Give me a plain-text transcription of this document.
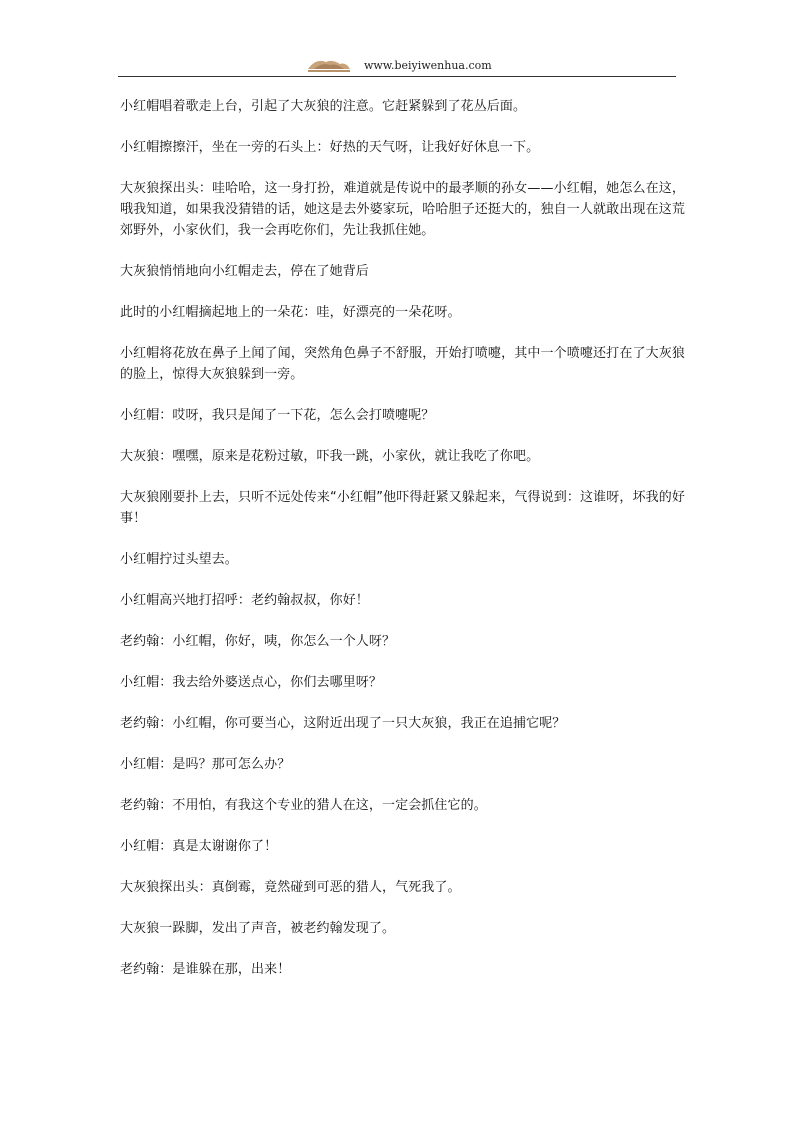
www.beiyiwenhua.com

小红帽唱着歌走上台，引起了大灰狼的注意。它赶紧躲到了花丛后面。

小红帽擦擦汗，坐在一旁的石头上：好热的天气呀，让我好好休息一下。

大灰狼探出头：哇哈哈，这一身打扮，难道就是传说中的最孝顺的孙女——小红帽，她怎么在这，哦我知道，如果我没猜错的话，她这是去外婆家玩，哈哈胆子还挺大的，独自一人就敢出现在这荒郊野外，小家伙们，我一会再吃你们，先让我抓住她。

大灰狼悄悄地向小红帽走去，停在了她背后

此时的小红帽摘起地上的一朵花：哇，好漂亮的一朵花呀。

小红帽将花放在鼻子上闻了闻，突然角色鼻子不舒服，开始打喷嚏，其中一个喷嚏还打在了大灰狼的脸上，惊得大灰狼躲到一旁。

小红帽：哎呀，我只是闻了一下花，怎么会打喷嚏呢？

大灰狼：嘿嘿，原来是花粉过敏，吓我一跳，小家伙，就让我吃了你吧。

大灰狼刚要扑上去，只听不远处传来“小红帽”他吓得赶紧又躲起来，气得说到：这谁呀，坏我的好事！

小红帽拧过头望去。

小红帽高兴地打招呼：老约翰叔叔，你好！

老约翰：小红帽，你好，咦，你怎么一个人呀？

小红帽：我去给外婆送点心，你们去哪里呀？

老约翰：小红帽，你可要当心，这附近出现了一只大灰狼，我正在追捕它呢？

小红帽：是吗？那可怎么办？

老约翰：不用怕，有我这个专业的猎人在这，一定会抓住它的。

小红帽：真是太谢谢你了！

大灰狼探出头：真倒霉，竟然碰到可恶的猎人，气死我了。

大灰狼一跺脚，发出了声音，被老约翰发现了。

老约翰：是谁躲在那，出来！
